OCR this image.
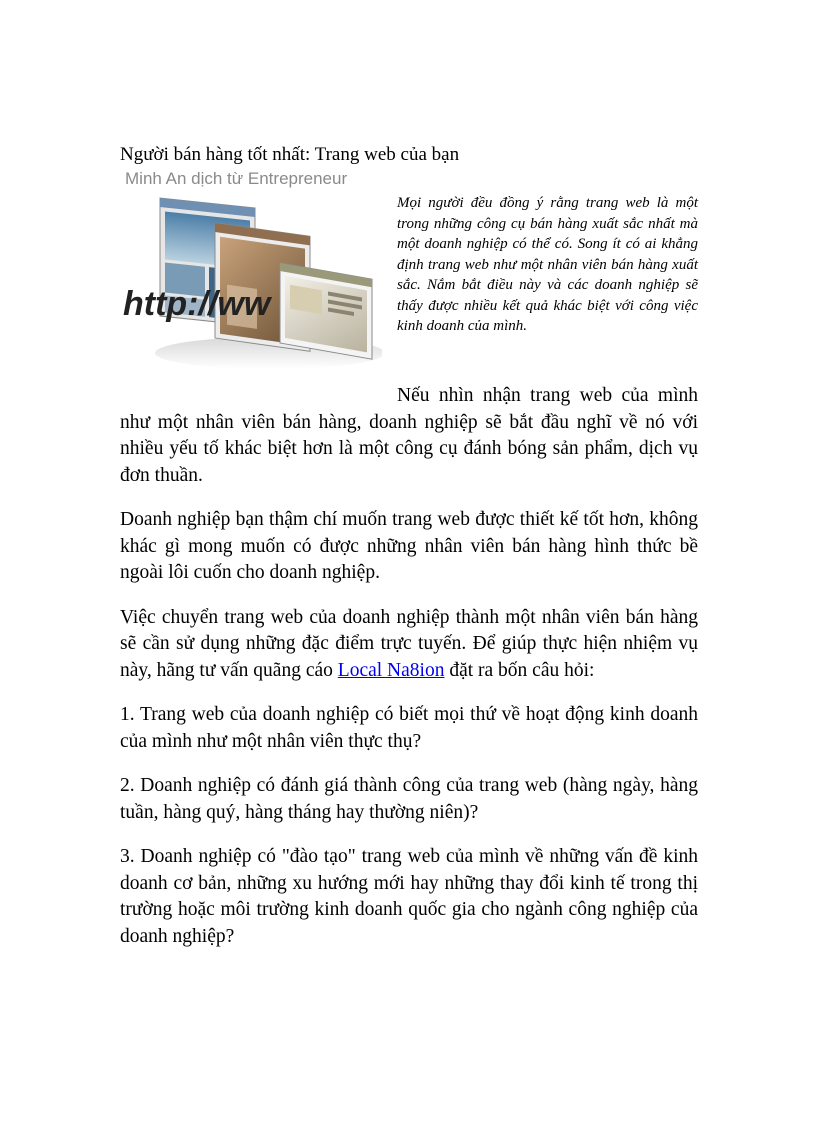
Người bán hàng tốt nhất: Trang web của bạn

Minh An dịch từ Entrepreneur

http://ww

Mọi người đều đồng ý rằng trang web là một trong những công cụ bán hàng xuất sắc nhất mà một doanh nghiệp có thể có. Song ít có ai khẳng định trang web như một nhân viên bán hàng xuất sắc. Nắm bắt điều này và các doanh nghiệp sẽ thấy được nhiều kết quả khác biệt với công việc kinh doanh của mình.

Nếu nhìn nhận trang web của mình như một nhân viên bán hàng, doanh nghiệp sẽ bắt đầu nghĩ về nó với nhiều yếu tố khác biệt hơn là một công cụ đánh bóng sản phẩm, dịch vụ đơn thuần.

Doanh nghiệp bạn thậm chí muốn trang web được thiết kế tốt hơn, không khác gì mong muốn có được những nhân viên bán hàng hình thức bề ngoài lôi cuốn cho doanh nghiệp.

Việc chuyển trang web của doanh nghiệp thành một nhân viên bán hàng sẽ cần sử dụng những đặc điểm trực tuyến. Để giúp thực hiện nhiệm vụ này, hãng tư vấn quãng cáo Local Na8ion đặt ra bốn câu hỏi:

1. Trang web của doanh nghiệp có biết mọi thứ về hoạt động kinh doanh của mình như một nhân viên thực thụ?

2. Doanh nghiệp có đánh giá thành công của trang web (hàng ngày, hàng tuần, hàng quý, hàng tháng hay thường niên)?

3. Doanh nghiệp có "đào tạo" trang web của mình về những vấn đề kinh doanh cơ bản, những xu hướng mới hay những thay đổi kinh tế trong thị trường hoặc môi trường kinh doanh quốc gia cho ngành công nghiệp của doanh nghiệp?
